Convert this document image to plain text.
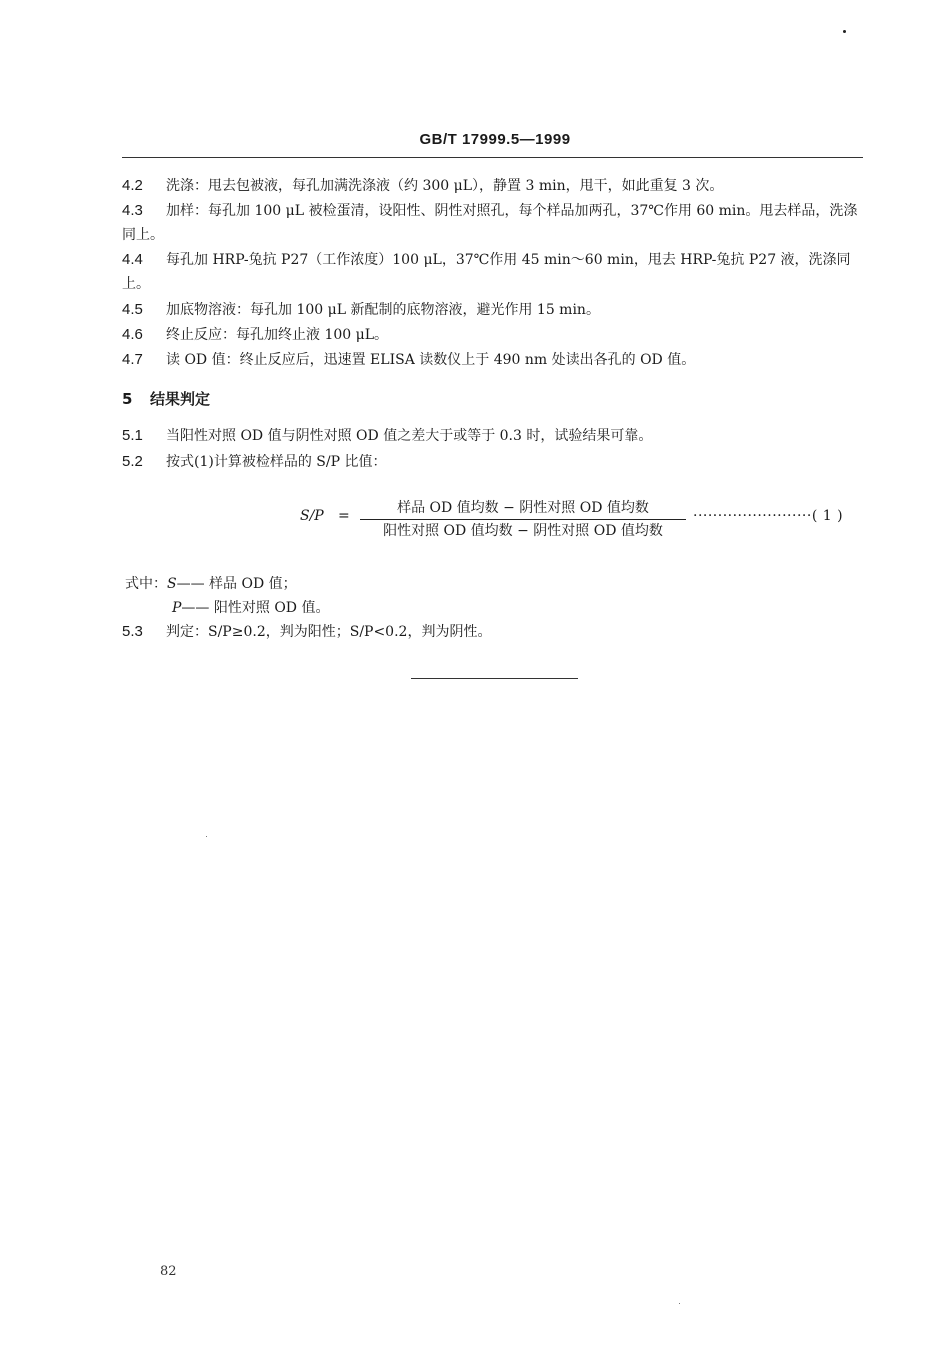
GB/T 17999.5—1999
4.2 洗涤：甩去包被液，每孔加满洗涤液（约 300 μL），静置 3 min，甩干，如此重复 3 次。
4.3 加样：每孔加 100 μL 被检蛋清，设阳性、阴性对照孔，每个样品加两孔，37℃作用 60 min。甩去样品，洗涤同上。
4.4 每孔加 HRP-兔抗 P27（工作浓度）100 μL，37℃作用 45 min～60 min，甩去 HRP-兔抗 P27 液，洗涤同上。
4.5 加底物溶液：每孔加 100 μL 新配制的底物溶液，避光作用 15 min。
4.6 终止反应：每孔加终止液 100 μL。
4.7 读 OD 值：终止反应后，迅速置 ELISA 读数仪上于 490 nm 处读出各孔的 OD 值。
5 结果判定
5.1 当阳性对照 OD 值与阴性对照 OD 值之差大于或等于 0.3 时，试验结果可靠。
5.2 按式(1)计算被检样品的 S/P 比值：
S/P =	样品 OD 值均数 − 阴性对照 OD 值均数
阳性对照 OD 值均数 − 阴性对照 OD 值均数
························( 1 )
式中：S—— 样品 OD 值；
P—— 阳性对照 OD 值。
5.3 判定：S/P≥0.2，判为阳性；S/P<0.2，判为阴性。
82
